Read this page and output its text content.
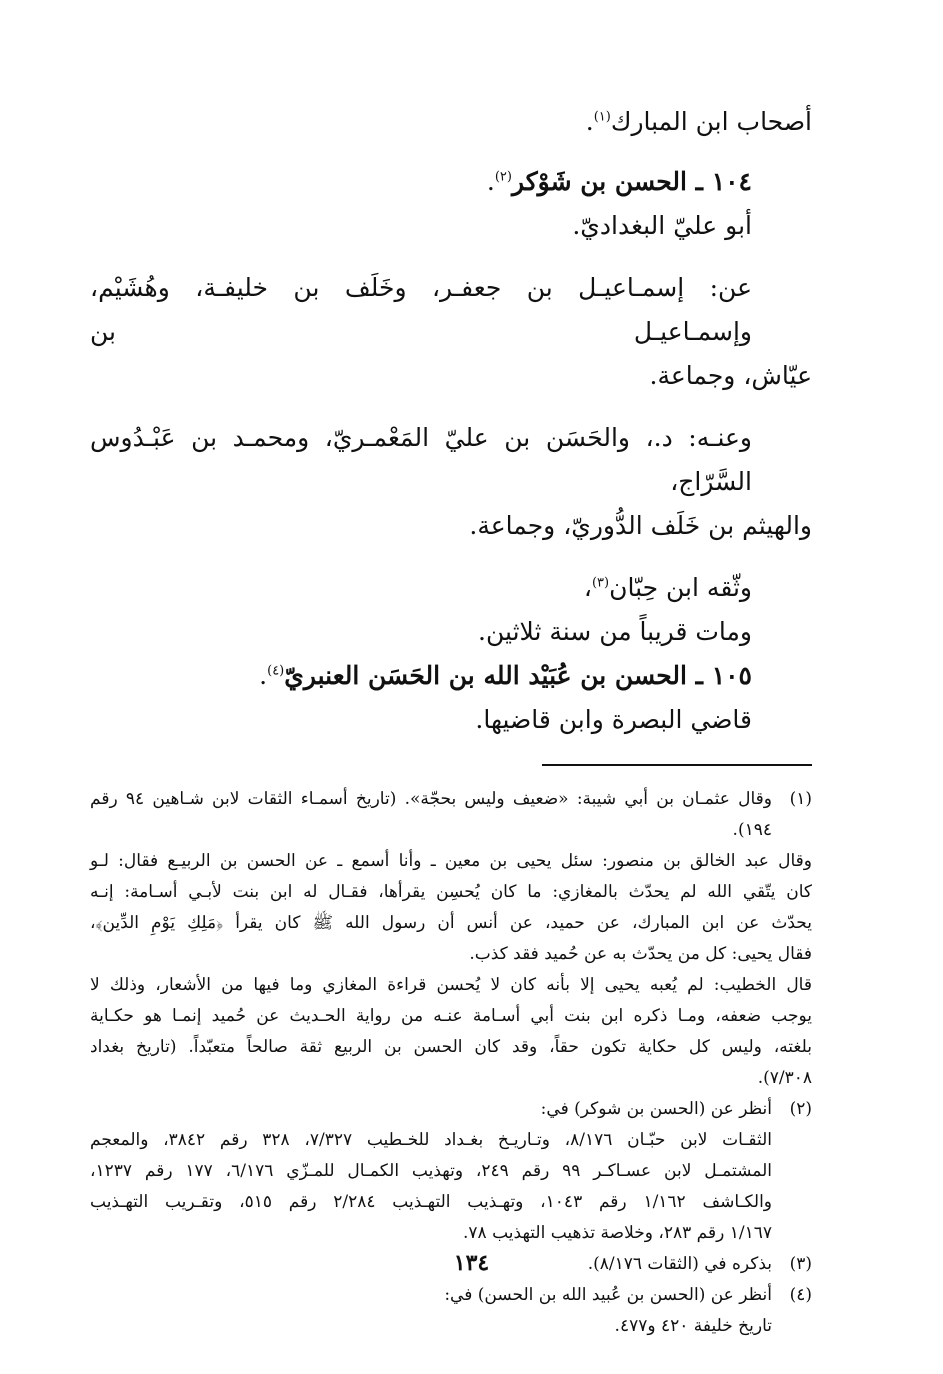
أصحاب ابن المبارك$^{(١)}$.

١٠٤ ـ الحسن بن شَوْكر$^{(٢)}$.

أبو عليّ البغداديّ.

عن: إسمـاعيـل بن جعفـر، وخَلَف بن خليفـة، وهُشَيْم، وإسمـاعيـل بن

عيّاش، وجماعة.

وعنـه: د.، والحَسَن بن عليّ المَعْمـريّ، ومحمـد بن عَبْـدُوس السَّرّاج،

والهيثم بن خَلَف الدُّوريّ، وجماعة.

وثّقه ابن حِبّان$^{(٣)}$،

ومات قريباً من سنة ثلاثين.

١٠٥ ـ الحسن بن عُبَيْد الله بن الحَسَن العنبريّ$^{(٤)}$.

قاضي البصرة وابن قاضيها.

(١)

وقال عثمـان بن أبي شيبة: «ضعيف وليس بحجّة». (تاريخ أسمـاء الثقات لابن شـاهين ٩٤ رقم

١٩٤).

وقال عبد الخالق بن منصور: سئل يحيى بن معين ـ وأنا أسمع ـ عن الحسن بن الربيـع فقال: لـو

كان يتّقي الله لم يحدّث بالمغازي: ما كان يُحسِن يقرأها، فقـال له ابن بنت لأبـي أسـامة: إنـه

يحدّث عن ابن المبارك، عن حميد، عن أنس أن رسول الله ﷺ كان يقرأ ﴿مَلِكِ يَوْمِ الدِّين﴾،

فقال يحيى: كل من يحدّث به عن حُميد فقد كذب.

قال الخطيب: لم يُعبه يحيى إلا بأنه كان لا يُحسن قراءة المغازي وما فيها من الأشعار، وذلك لا

يوجب ضعفه، ومـا ذكره ابن بنت أبي أسـامة عنـه من رواية الحـديث عن حُميد إنمـا هو حكـاية

بلغته، وليس كل حكاية تكون حقاً، وقد كان الحسن بن الربيع ثقة صالحاً متعبّداً. (تاريخ بغداد

٧/٣٠٨).

(٢)

أنظر عن (الحسن بن شوكر) في:

الثقـات لابن حبّـان ٨/١٧٦، وتـاريـخ بغـداد للخـطيب ٧/٣٢٧، ٣٢٨ رقم ٣٨٤٢، والمعجم

المشتمـل لابن عسـاكـر ٩٩ رقم ٢٤٩، وتهذيب الكمـال للمـزّي ٦/١٧٦، ١٧٧ رقم ١٢٣٧،

والكـاشف ١/١٦٢ رقم ١٠٤٣، وتهـذيب التهـذيب ٢/٢٨٤ رقم ٥١٥، وتقـريب التهـذيب

١/١٦٧ رقم ٢٨٣، وخلاصة تذهيب التهذيب ٧٨.

(٣)

بذكره في (الثقات ٨/١٧٦).

(٤)

أنظر عن (الحسن بن عُبيد الله بن الحسن) في:

تاريخ خليفة ٤٢٠ و٤٧٧.

١٣٤
